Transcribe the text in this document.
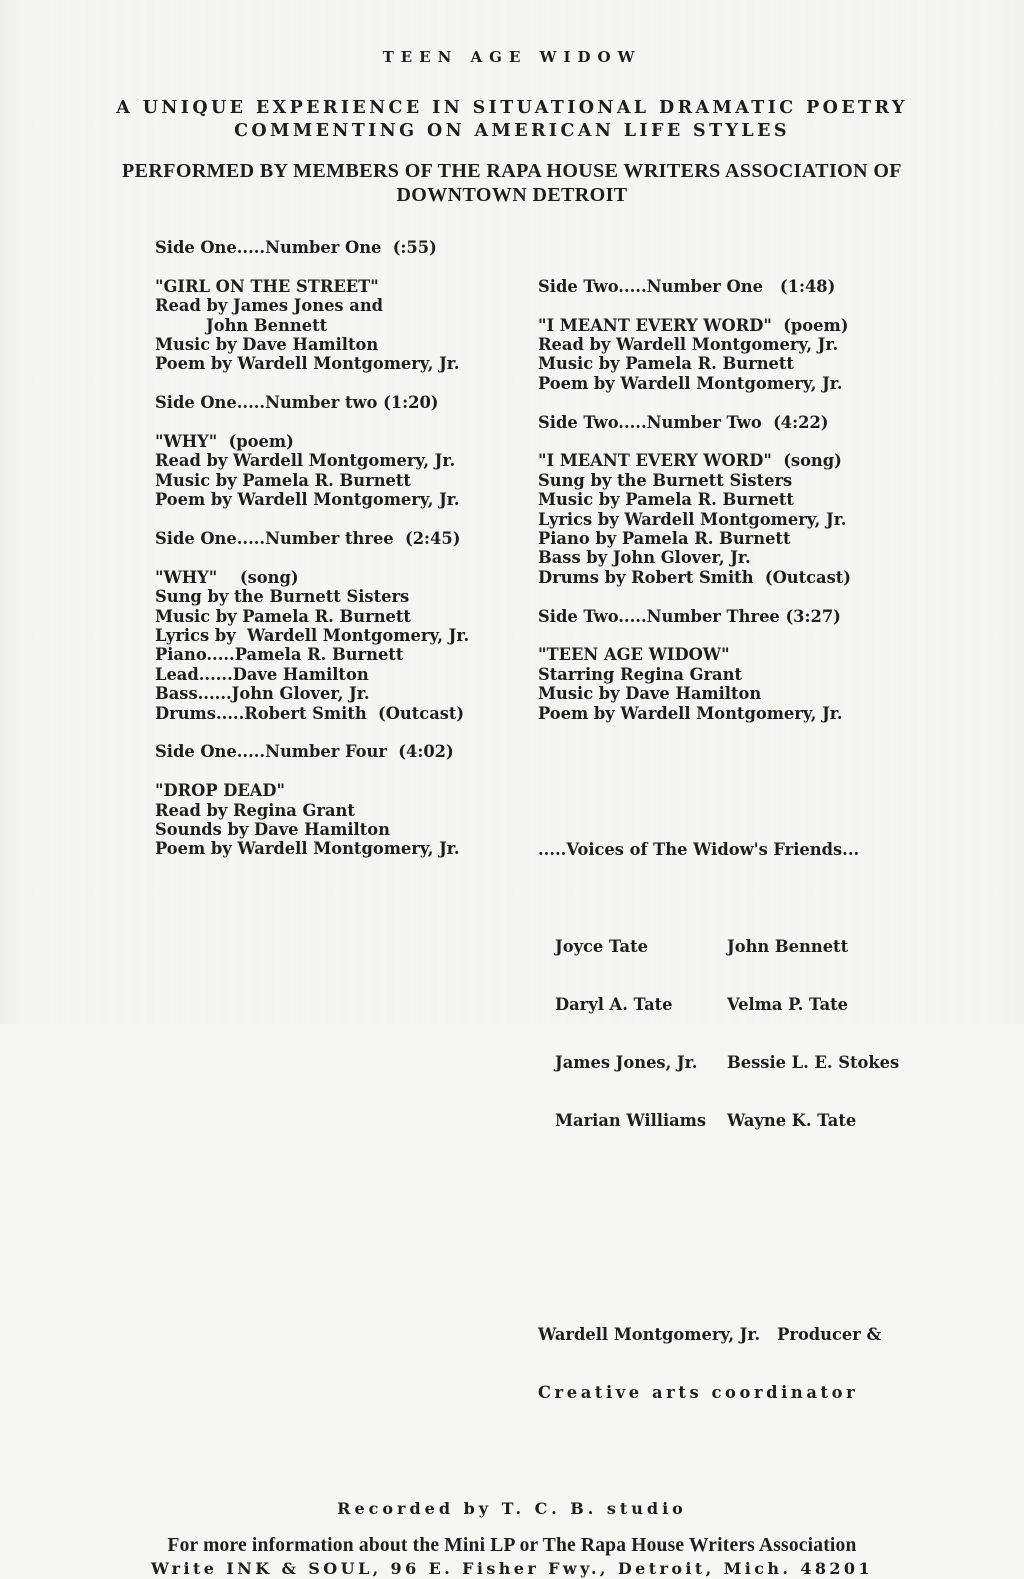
TEEN AGE WIDOW
A UNIQUE EXPERIENCE IN SITUATIONAL DRAMATIC POETRY
COMMENTING ON AMERICAN LIFE STYLES
PERFORMED BY MEMBERS OF THE RAPA HOUSE WRITERS ASSOCIATION OF
DOWNTOWN DETROIT
Side One.....Number One  (:55)
"GIRL ON THE STREET"
Read by James Jones and
John Bennett
Music by Dave Hamilton
Poem by Wardell Montgomery, Jr.
Side One.....Number two (1:20)
"WHY"  (poem)
Read by Wardell Montgomery, Jr.
Music by Pamela R. Burnett
Poem by Wardell Montgomery, Jr.
Side One.....Number three  (2:45)
"WHY"    (song)
Sung by the Burnett Sisters
Music by Pamela R. Burnett
Lyrics by  Wardell Montgomery, Jr.
Piano.....Pamela R. Burnett
Lead......Dave Hamilton
Bass......John Glover, Jr.
Drums.....Robert Smith  (Outcast)
Side One.....Number Four  (4:02)
"DROP DEAD"
Read by Regina Grant
Sounds by Dave Hamilton
Poem by Wardell Montgomery, Jr.

Side Two.....Number One   (1:48)
"I MEANT EVERY WORD"  (poem)
Read by Wardell Montgomery, Jr.
Music by Pamela R. Burnett
Poem by Wardell Montgomery, Jr.
Side Two.....Number Two  (4:22)
"I MEANT EVERY WORD"  (song)
Sung by the Burnett Sisters
Music by Pamela R. Burnett
Lyrics by Wardell Montgomery, Jr.
Piano by Pamela R. Burnett
Bass by John Glover, Jr.
Drums by Robert Smith  (Outcast)
Side Two.....Number Three (3:27)
"TEEN AGE WIDOW"
Starring Regina Grant
Music by Dave Hamilton
Poem by Wardell Montgomery, Jr.

.....Voices of The Widow's Friends...

Joyce Tate	John Bennett

Daryl A. Tate	Velma P. Tate

James Jones, Jr.	Bessie L. E. Stokes

Marian Williams	Wayne K. Tate

Wardell Montgomery, Jr.   Producer &

Creative arts coordinator

Recorded by T. C. B. studio
For more information about the Mini LP or The Rapa House Writers Association
Write INK & SOUL, 96 E. Fisher Fwy., Detroit, Mich. 48201
